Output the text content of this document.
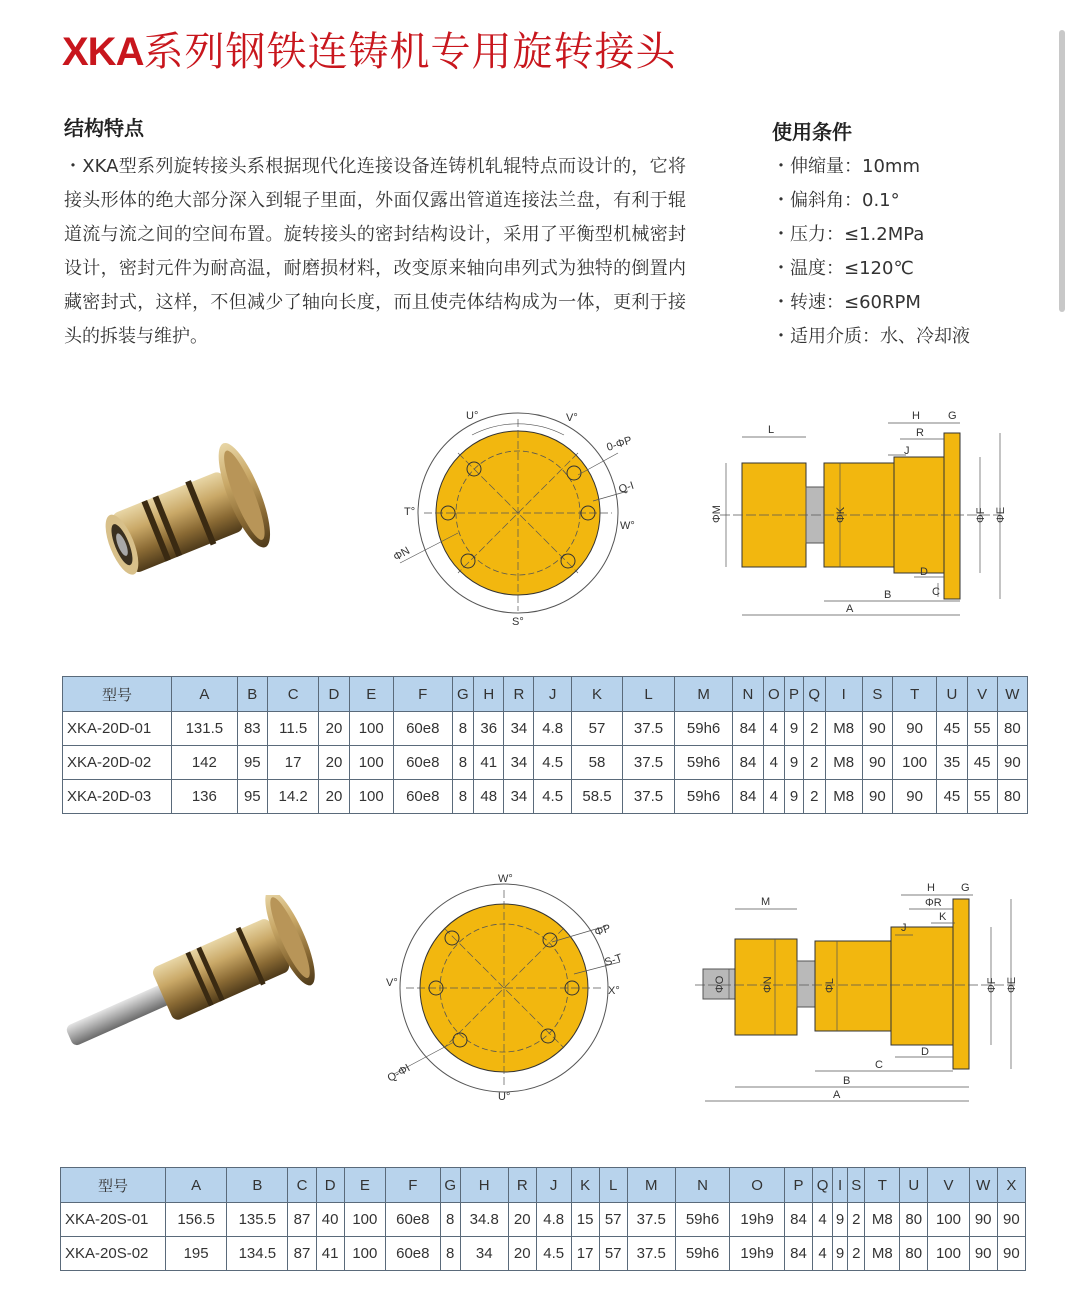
XKA系列钢铁连铸机专用旋转接头
结构特点
・XKA型系列旋转接头系根据现代化连接设备连铸机轧辊特点而设计的，它将接头形体的绝大部分深入到辊子里面，外面仅露出管道连接法兰盘，有利于辊道流与流之间的空间布置。旋转接头的密封结构设计，采用了平衡型机械密封设计，密封元件为耐高温，耐磨损材料，改变原来轴向串列式为独特的倒置内藏密封式，这样，不但减少了轴向长度，而且使壳体结构成为一体，更利于接头的拆装与维护。
使用条件
・伸缩量：10mm
・偏斜角：0.1°
・压力：≤1.2MPa
・温度：≤120℃
・转速：≤60RPM
・适用介质：水、冷却液
U°	V°
0-ΦP
Q-I
W°
T°
ΦN
S°
L
H	G
R
J
ΦM	ΦK	ΦF ΦE
D
C
B
A
型号	A	B	C	D	E	F	G	H	R	J	K	L	M	N	O	P	Q	I	S	T	U	V	W
XKA-20D-01	131.5	83	11.5	20	100	60e8	8	36	34	4.8	57	37.5	59h6	84	4	9	2	M8	90	90	45	55	80
XKA-20D-02	142	95	17	20	100	60e8	8	41	34	4.5	58	37.5	59h6	84	4	9	2	M8	90	100	35	45	90
XKA-20D-03	136	95	14.2	20	100	60e8	8	48	34	4.5	58.5	37.5	59h6	84	4	9	2	M8	90	90	45	55	80
W°
ΦP
S-T
X°
V°
Q-ΦI
U°
M
H G
ΦR
K
J
ΦO	ΦN	ΦL	ΦF ΦE
D
C
B
A
型号	A	B	C	D	E	F	G	H	R	J	K	L	M	N	O	P	Q	I	S	T	U	V	W	X
XKA-20S-01	156.5	135.5	87	40	100	60e8	8	34.8	20	4.8	15	57	37.5	59h6	19h9	84	4	9	2	M8	80	100	90	90
XKA-20S-02	195	134.5	87	41	100	60e8	8	34	20	4.5	17	57	37.5	59h6	19h9	84	4	9	2	M8	80	100	90	90
